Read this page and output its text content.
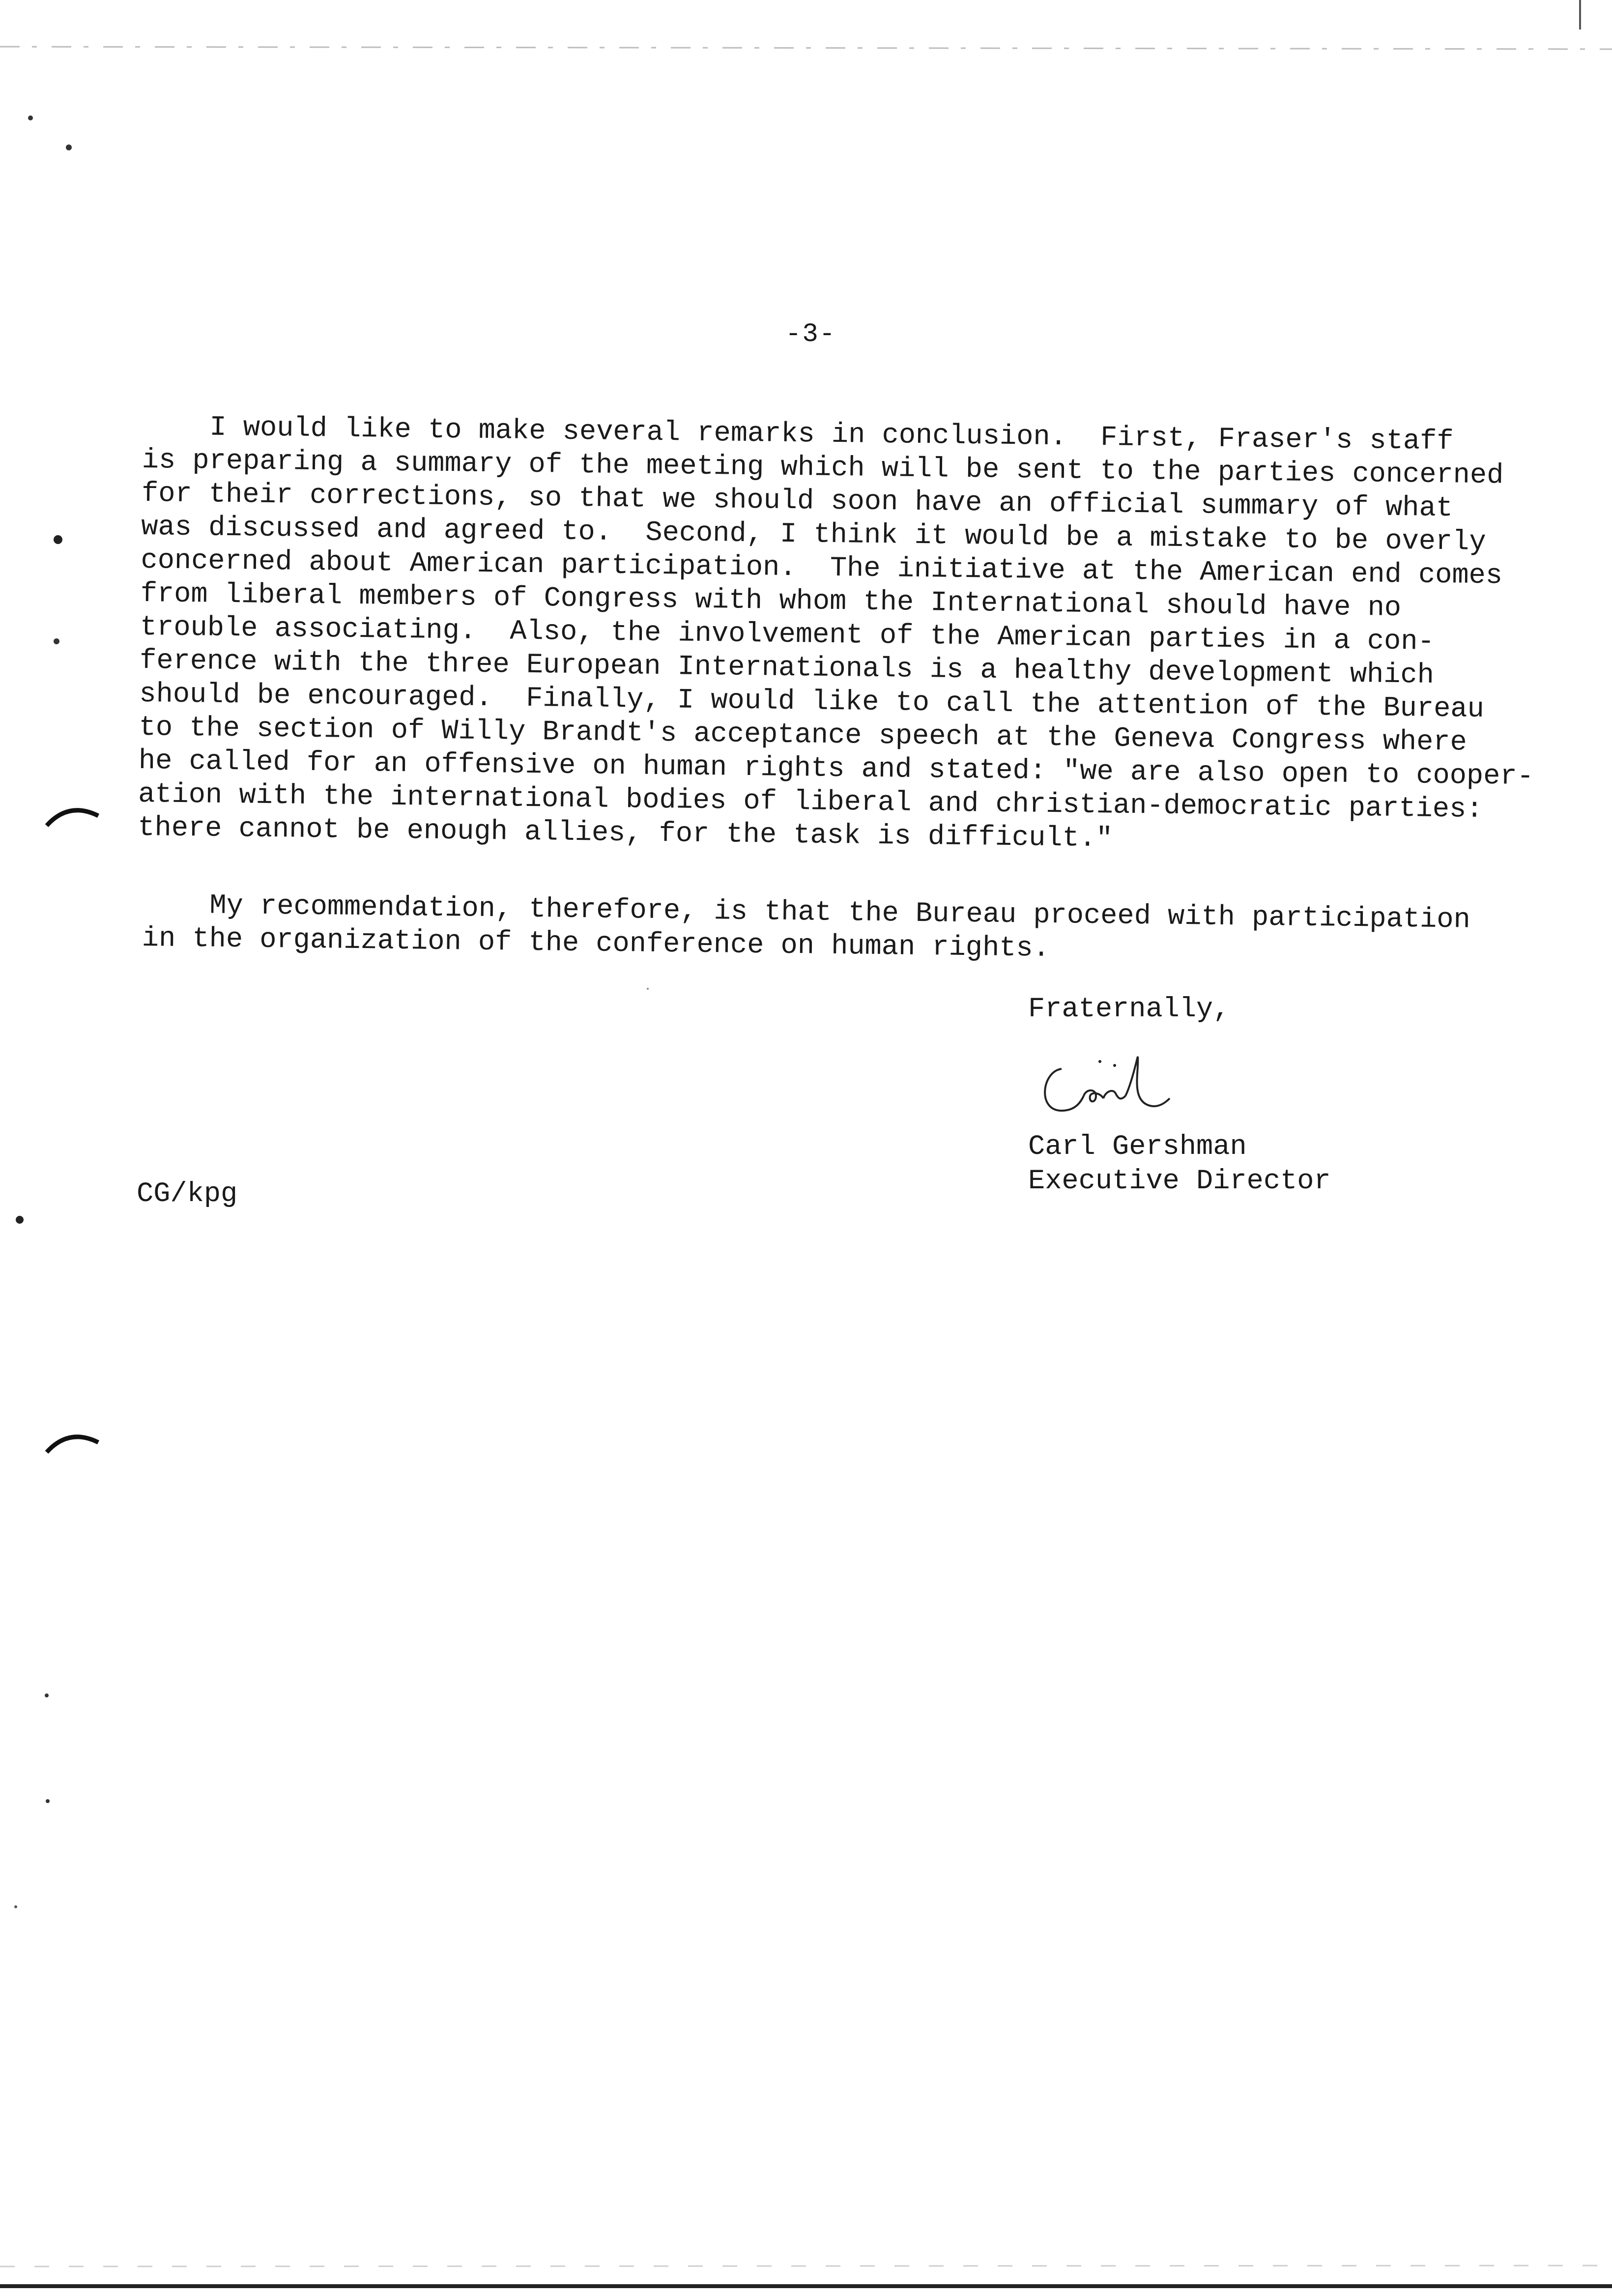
-3-

I would like to make several remarks in conclusion.  First, Fraser's staff
is preparing a summary of the meeting which will be sent to the parties concerned
for their corrections, so that we should soon have an official summary of what
was discussed and agreed to.  Second, I think it would be a mistake to be overly
concerned about American participation.  The initiative at the American end comes
from liberal members of Congress with whom the International should have no
trouble associating.  Also, the involvement of the American parties in a con-
ference with the three European Internationals is a healthy development which
should be encouraged.  Finally, I would like to call the attention of the Bureau
to the section of Willy Brandt's acceptance speech at the Geneva Congress where
he called for an offensive on human rights and stated: "we are also open to cooper-
ation with the international bodies of liberal and christian-democratic parties:
there cannot be enough allies, for the task is difficult."

My recommendation, therefore, is that the Bureau proceed with participation
in the organization of the conference on human rights.

Fraternally,
Carl Gershman
Executive Director
CG/kpg
